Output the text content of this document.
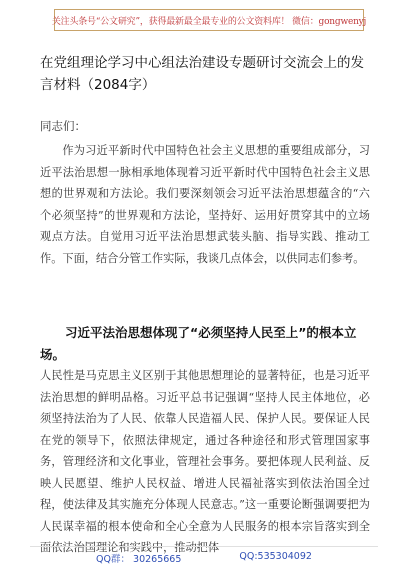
关注头条号“公文研究”，获得最新最全最专业的公文资料库！ 微信：gongwenyj
在党组理论学习中心组法治建设专题研讨交流会上的发言材料（2084字）
同志们：

作为习近平新时代中国特色社会主义思想的重要组成部分，习近平法治思想一脉相承地体现着习近平新时代中国特色社会主义思想的世界观和方法论。我们要深刻领会习近平法治思想蕴含的“六个必须坚持”的世界观和方法论，坚持好、运用好贯穿其中的立场观点方法。自觉用习近平法治思想武装头脑、指导实践、推动工作。下面，结合分管工作实际，我谈几点体会，以供同志们参考。

习近平法治思想体现了“必须坚持人民至上”的根本立场。

人民性是马克思主义区别于其他思想理论的显著特征，也是习近平法治思想的鲜明品格。习近平总书记强调“坚持人民主体地位，必须坚持法治为了人民、依靠人民造福人民、保护人民。要保证人民在党的领导下，依照法律规定，通过各种途径和形式管理国家事务，管理经济和文化事业，管理社会事务。要把体现人民利益、反映人民愿望、维护人民权益、增进人民福祉落实到依法治国全过程，使法律及其实施充分体现人民意志。”这一重要论断强调要把为人民谋幸福的根本使命和全心全意为人民服务的根本宗旨落实到全面依法治国理论和实践中，推动把体

QQ群： 30265665	QQ:535304092
